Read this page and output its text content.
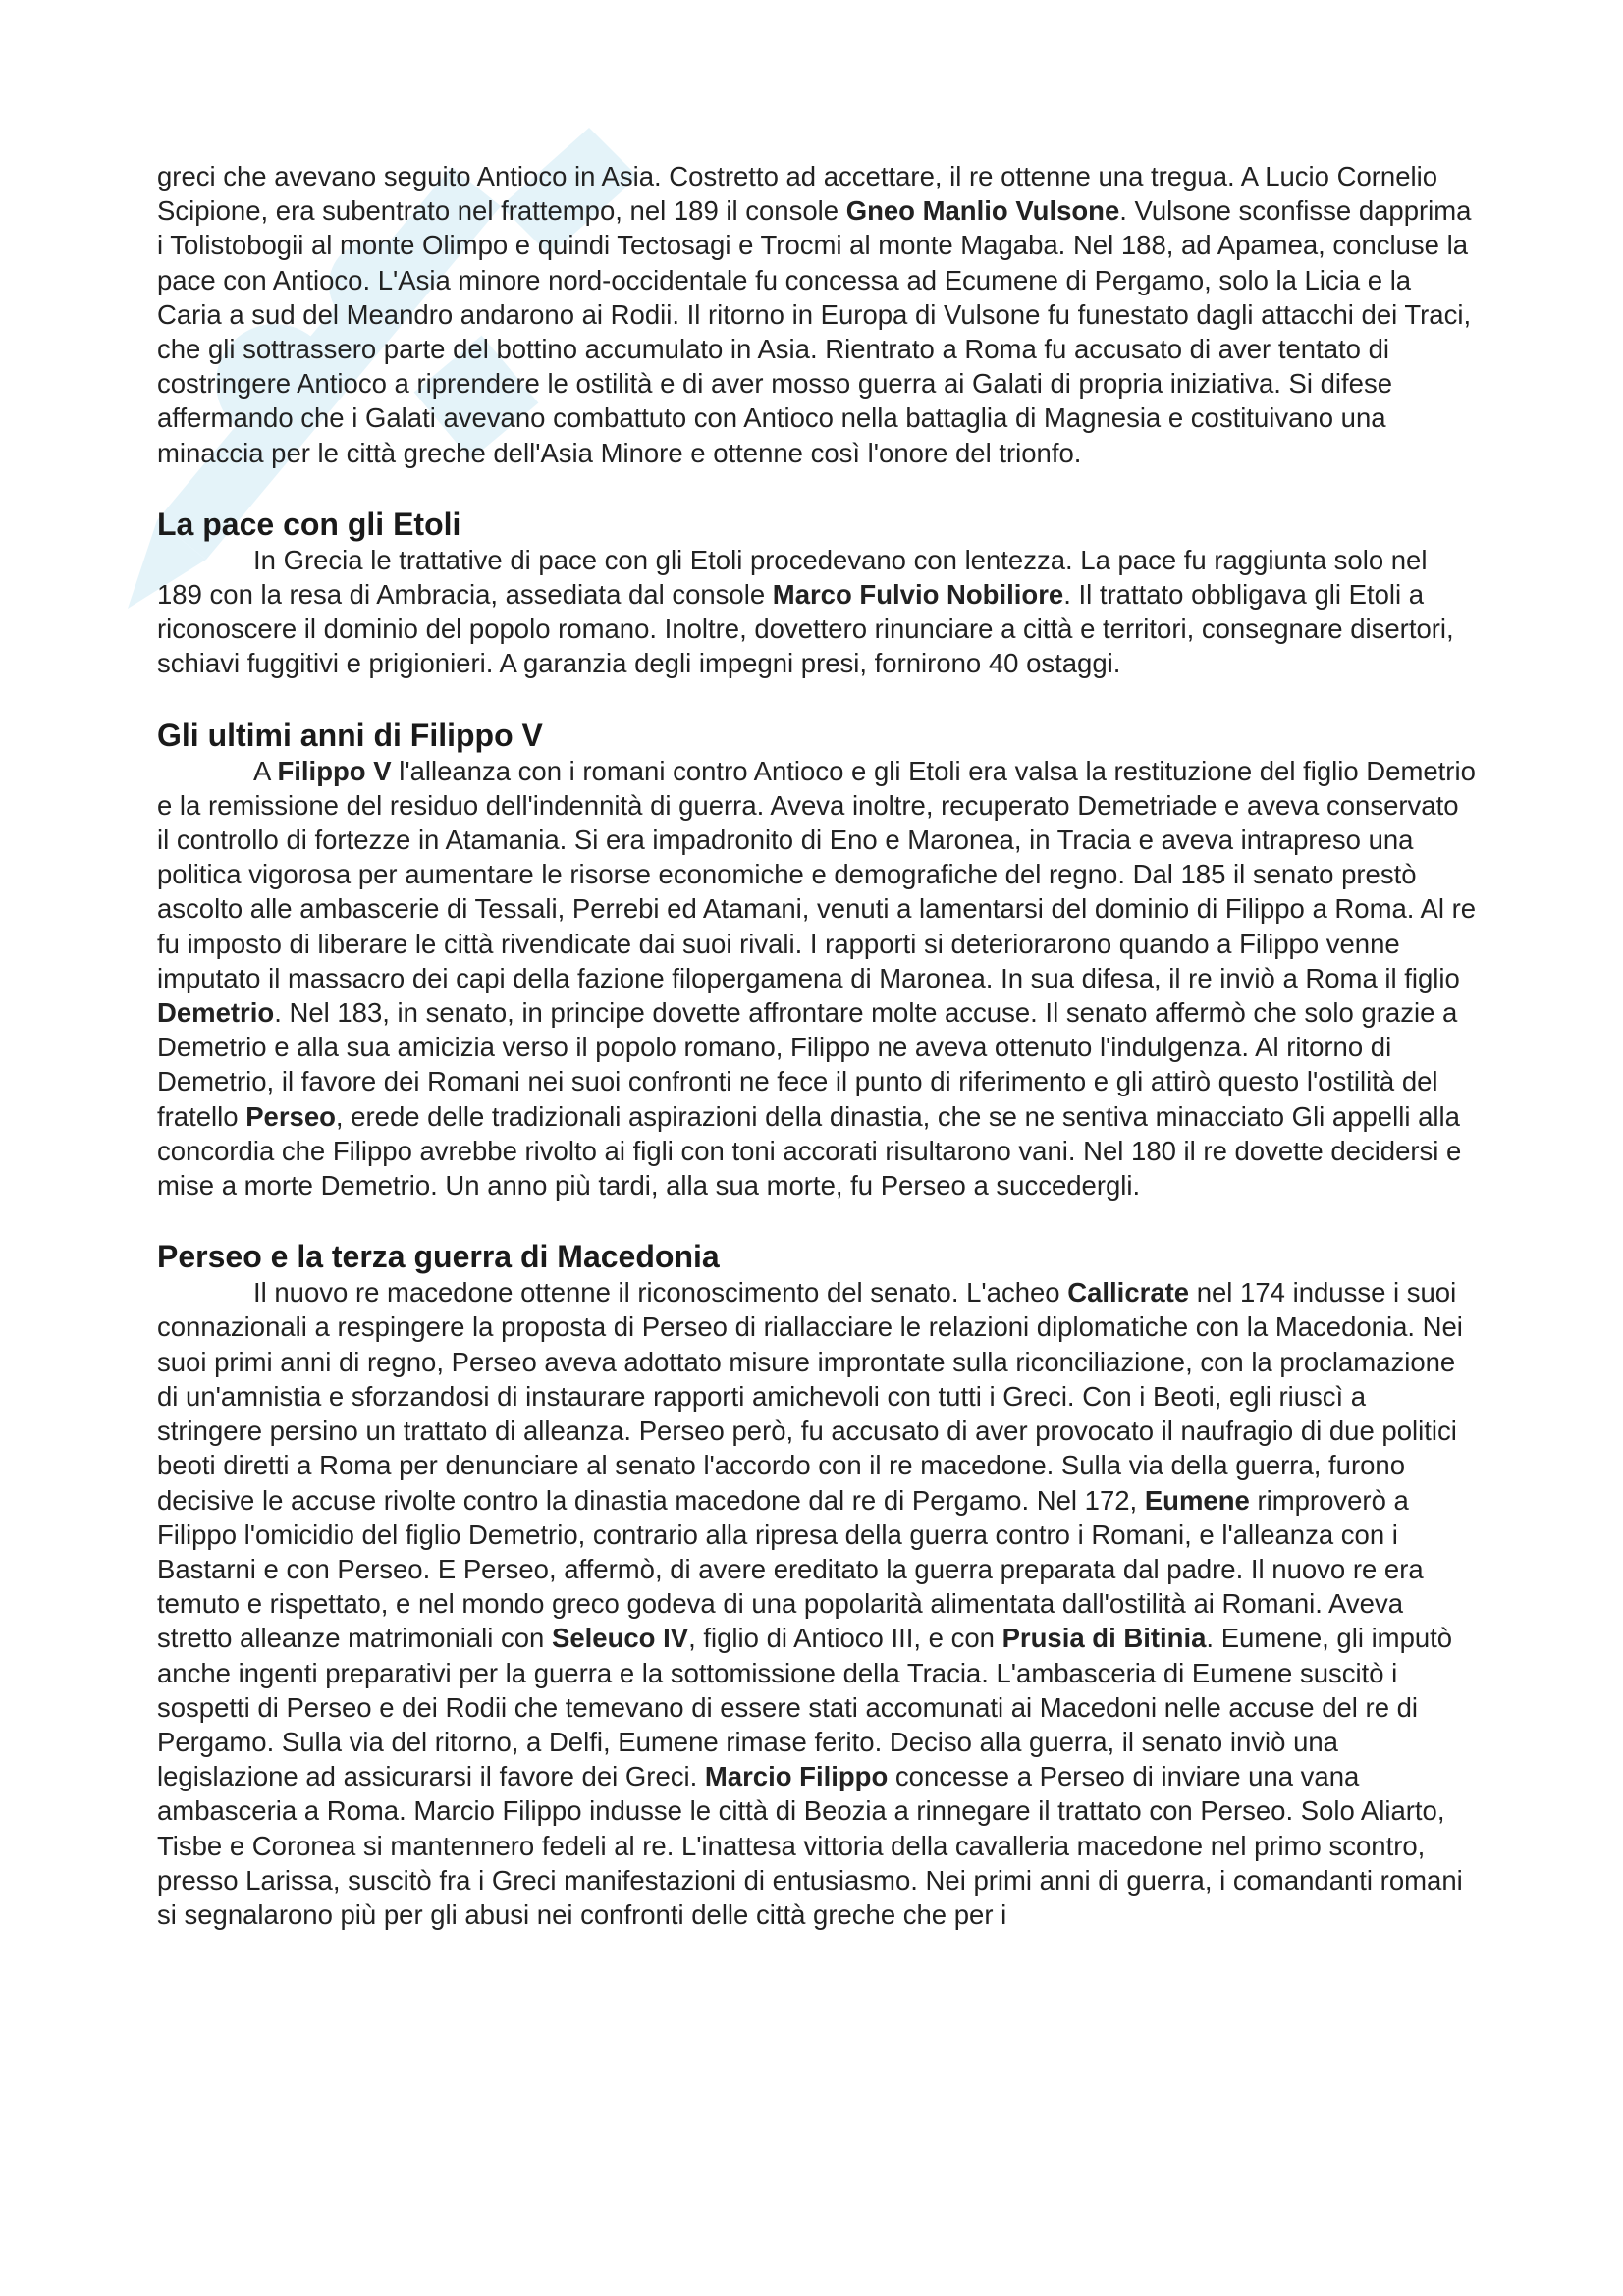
greci che avevano seguito Antioco in Asia. Costretto ad accettare, il re ottenne una tregua. A Lucio Cornelio Scipione, era subentrato nel frattempo, nel 189 il console Gneo Manlio Vulsone. Vulsone sconfisse dapprima i Tolistobogii al monte Olimpo e quindi Tectosagi e Trocmi al monte Magaba. Nel 188, ad Apamea, concluse la pace con Antioco. L'Asia minore nord-occidentale fu concessa ad Ecumene di Pergamo, solo la Licia e la Caria a sud del Meandro andarono ai Rodii. Il ritorno in Europa di Vulsone fu funestato dagli attacchi dei Traci, che gli sottrassero parte del bottino accumulato in Asia. Rientrato a Roma fu accusato di aver tentato di costringere Antioco a riprendere le ostilità e di aver mosso guerra ai Galati di propria iniziativa. Si difese affermando che i Galati avevano combattuto con Antioco nella battaglia di Magnesia e costituivano una minaccia per le città greche dell'Asia Minore e ottenne così l'onore del trionfo.

La pace con gli Etoli

In Grecia le trattative di pace con gli Etoli procedevano con lentezza. La pace fu raggiunta solo nel 189 con la resa di Ambracia, assediata dal console Marco Fulvio Nobiliore. Il trattato obbligava gli Etoli a riconoscere il dominio del popolo romano. Inoltre, dovettero rinunciare a città e territori, consegnare disertori, schiavi fuggitivi e prigionieri. A garanzia degli impegni presi, fornirono 40 ostaggi.

Gli ultimi anni di Filippo V

A Filippo V l'alleanza con i romani contro Antioco e gli Etoli era valsa la restituzione del figlio Demetrio e la remissione del residuo dell'indennità di guerra. Aveva inoltre, recuperato Demetriade e aveva conservato il controllo di fortezze in Atamania. Si era impadronito di Eno e Maronea, in Tracia e aveva intrapreso una politica vigorosa per aumentare le risorse economiche e demografiche del regno. Dal 185 il senato prestò ascolto alle ambascerie di Tessali, Perrebi ed Atamani, venuti a lamentarsi del dominio di Filippo a Roma. Al re fu imposto di liberare le città rivendicate dai suoi rivali. I rapporti si deteriorarono quando a Filippo venne imputato il massacro dei capi della fazione filopergamena di Maronea. In sua difesa, il re inviò a Roma il figlio Demetrio. Nel 183, in senato, in principe dovette affrontare molte accuse. Il senato affermò che solo grazie a Demetrio e alla sua amicizia verso il popolo romano, Filippo ne aveva ottenuto l'indulgenza. Al ritorno di Demetrio, il favore dei Romani nei suoi confronti ne fece il punto di riferimento e gli attirò questo l'ostilità del fratello Perseo, erede delle tradizionali aspirazioni della dinastia, che se ne sentiva minacciato Gli appelli alla concordia che Filippo avrebbe rivolto ai figli con toni accorati risultarono vani. Nel 180 il re dovette decidersi e mise a morte Demetrio. Un anno più tardi, alla sua morte, fu Perseo a succedergli.

Perseo e la terza guerra di Macedonia

Il nuovo re macedone ottenne il riconoscimento del senato. L'acheo Callicrate nel 174 indusse i suoi connazionali a respingere la proposta di Perseo di riallacciare le relazioni diplomatiche con la Macedonia. Nei suoi primi anni di regno, Perseo aveva adottato misure improntate sulla riconciliazione, con la proclamazione di un'amnistia e sforzandosi di instaurare rapporti amichevoli con tutti i Greci. Con i Beoti, egli riuscì a stringere persino un trattato di alleanza. Perseo però, fu accusato di aver provocato il naufragio di due politici beoti diretti a Roma per denunciare al senato l'accordo con il re macedone. Sulla via della guerra, furono decisive le accuse rivolte contro la dinastia macedone dal re di Pergamo. Nel 172, Eumene rimproverò a Filippo l'omicidio del figlio Demetrio, contrario alla ripresa della guerra contro i Romani, e l'alleanza con i Bastarni e con Perseo. E Perseo, affermò, di avere ereditato la guerra preparata dal padre. Il nuovo re era temuto e rispettato, e nel mondo greco godeva di una popolarità alimentata dall'ostilità ai Romani. Aveva stretto alleanze matrimoniali con Seleuco IV, figlio di Antioco III, e con Prusia di Bitinia. Eumene, gli imputò anche ingenti preparativi per la guerra e la sottomissione della Tracia. L'ambasceria di Eumene suscitò i sospetti di Perseo e dei Rodii che temevano di essere stati accomunati ai Macedoni nelle accuse del re di Pergamo. Sulla via del ritorno, a Delfi, Eumene rimase ferito. Deciso alla guerra, il senato inviò una legislazione ad assicurarsi il favore dei Greci. Marcio Filippo concesse a Perseo di inviare una vana ambasceria a Roma. Marcio Filippo indusse le città di Beozia a rinnegare il trattato con Perseo. Solo Aliarto, Tisbe e Coronea si mantennero fedeli al re. L'inattesa vittoria della cavalleria macedone nel primo scontro, presso Larissa, suscitò fra i Greci manifestazioni di entusiasmo. Nei primi anni di guerra, i comandanti romani si segnalarono più per gli abusi nei confronti delle città greche che per i
